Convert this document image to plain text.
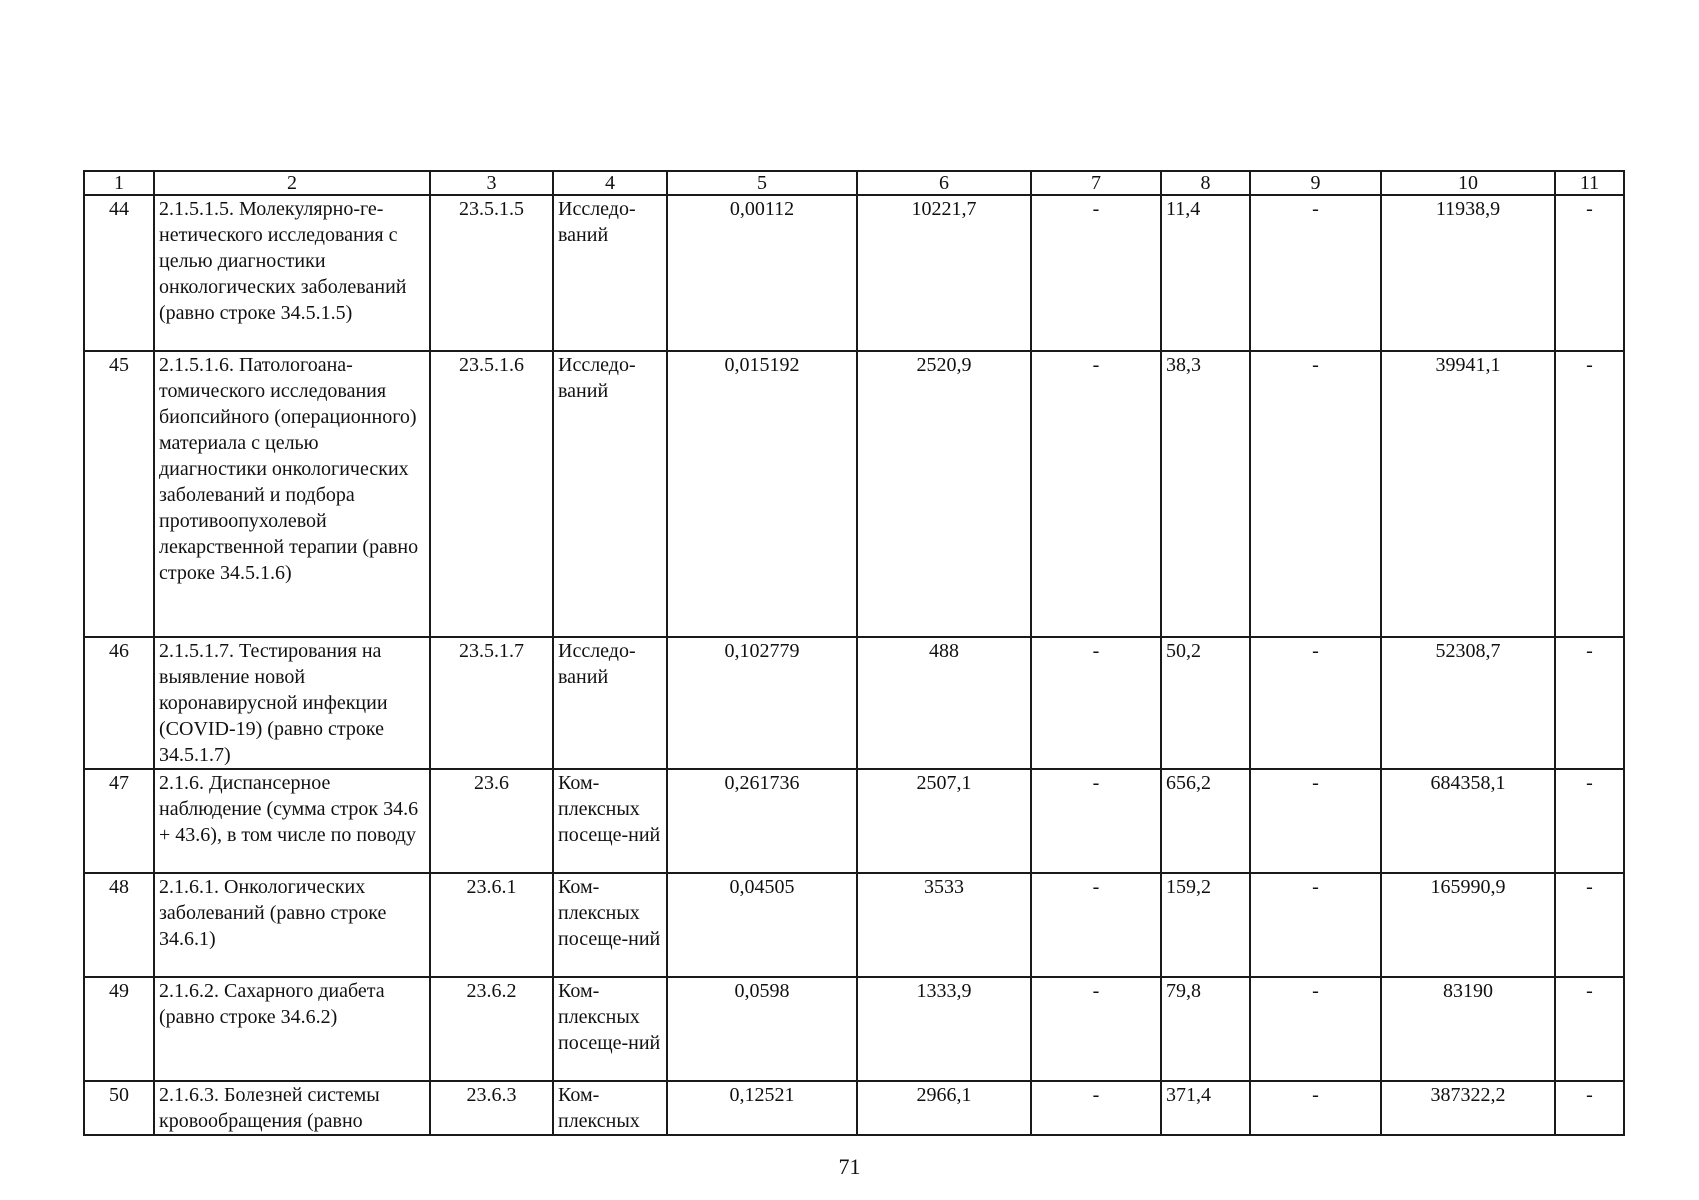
1	2	3	4	5	6	7	8	9	10	11
44	2.1.5.1.5. Молекулярно-ге-нетического исследования с целью диагностики онкологических заболеваний (равно строке 34.5.1.5)	23.5.1.5	Исследо-ваний	0,00112	10221,7	-	11,4	-	11938,9	-
45	2.1.5.1.6. Патологоана-томического исследования биопсийного (операционного) материала с целью диагностики онкологических заболеваний и подбора противоопухолевой лекарственной терапии (равно строке 34.5.1.6)	23.5.1.6	Исследо-ваний	0,015192	2520,9	-	38,3	-	39941,1	-
46	2.1.5.1.7. Тестирования на выявление новой коронавирусной инфекции (COVID-19) (равно строке 34.5.1.7)	23.5.1.7	Исследо-ваний	0,102779	488	-	50,2	-	52308,7	-
47	2.1.6. Диспансерное наблюдение (сумма строк 34.6 + 43.6), в том числе по поводу	23.6	Ком-плексных посеще-ний	0,261736	2507,1	-	656,2	-	684358,1	-
48	2.1.6.1. Онкологических заболеваний (равно строке 34.6.1)	23.6.1	Ком-плексных посеще-ний	0,04505	3533	-	159,2	-	165990,9	-
49	2.1.6.2. Сахарного диабета (равно строке 34.6.2)	23.6.2	Ком-плексных посеще-ний	0,0598	1333,9	-	79,8	-	83190	-
50	2.1.6.3. Болезней системы кровообращения (равно	23.6.3	Ком-плексных	0,12521	2966,1	-	371,4	-	387322,2	-
71
